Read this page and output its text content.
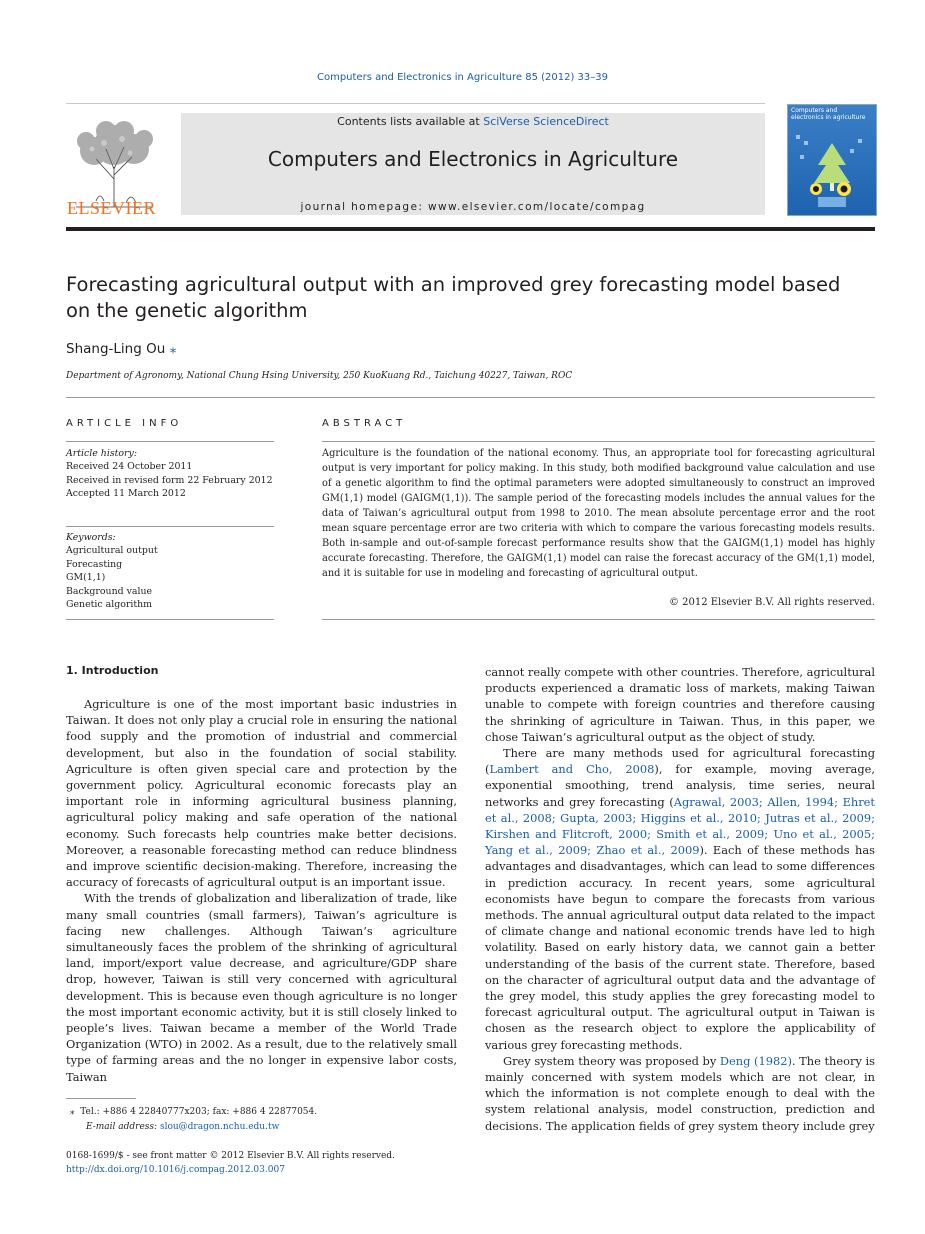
Computers and Electronics in Agriculture 85 (2012) 33–39
ELSEVIER
Contents lists available at SciVerse ScienceDirect
Computers and Electronics in Agriculture
journal homepage: www.elsevier.com/locate/compag
Computers and electronics in agriculture
Forecasting agricultural output with an improved grey forecasting model based on the genetic algorithm
Shang-Ling Ou ⁎
Department of Agronomy, National Chung Hsing University, 250 KuoKuang Rd., Taichung 40227, Taiwan, ROC
ARTICLE INFO
Article history:
Received 24 October 2011
Received in revised form 22 February 2012
Accepted 11 March 2012
Keywords:
Agricultural output
Forecasting
GM(1,1)
Background value
Genetic algorithm
ABSTRACT
Agriculture is the foundation of the national economy. Thus, an appropriate tool for forecasting agricultural output is very important for policy making. In this study, both modified background value calculation and use of a genetic algorithm to find the optimal parameters were adopted simultaneously to construct an improved GM(1,1) model (GAIGM(1,1)). The sample period of the forecasting models includes the annual values for the data of Taiwan’s agricultural output from 1998 to 2010. The mean absolute percentage error and the root mean square percentage error are two criteria with which to compare the various forecasting models results. Both in-sample and out-of-sample forecast performance results show that the GAIGM(1,1) model has highly accurate forecasting. Therefore, the GAIGM(1,1) model can raise the forecast accuracy of the GM(1,1) model, and it is suitable for use in modeling and forecasting of agricultural output.
© 2012 Elsevier B.V. All rights reserved.
1. Introduction

Agriculture is one of the most important basic industries in Taiwan. It does not only play a crucial role in ensuring the national food supply and the promotion of industrial and commercial development, but also in the foundation of social stability. Agriculture is often given special care and protection by the government policy. Agricultural economic forecasts play an important role in informing agricultural business planning, agricultural policy making and safe operation of the national economy. Such forecasts help countries make better decisions. Moreover, a reasonable forecasting method can reduce blindness and improve scientific decision-making. Therefore, increasing the accuracy of forecasts of agricultural output is an important issue.

With the trends of globalization and liberalization of trade, like many small countries (small farmers), Taiwan’s agriculture is facing new challenges. Although Taiwan’s agriculture simultaneously faces the problem of the shrinking of agricultural land, import/export value decrease, and agriculture/GDP share drop, however, Taiwan is still very concerned with agricultural development. This is because even though agriculture is no longer the most important economic activity, but it is still closely linked to people’s lives. Taiwan became a member of the World Trade Organization (WTO) in 2002. As a result, due to the relatively small type of farming areas and the no longer in expensive labor costs, Taiwan

cannot really compete with other countries. Therefore, agricultural products experienced a dramatic loss of markets, making Taiwan unable to compete with foreign countries and therefore causing the shrinking of agriculture in Taiwan. Thus, in this paper, we chose Taiwan’s agricultural output as the object of study.

There are many methods used for agricultural forecasting (Lambert and Cho, 2008), for example, moving average, exponential smoothing, trend analysis, time series, neural networks and grey forecasting (Agrawal, 2003; Allen, 1994; Ehret et al., 2008; Gupta, 2003; Higgins et al., 2010; Jutras et al., 2009; Kirshen and Flitcroft, 2000; Smith et al., 2009; Uno et al., 2005; Yang et al., 2009; Zhao et al., 2009). Each of these methods has advantages and disadvantages, which can lead to some differences in prediction accuracy. In recent years, some agricultural economists have begun to compare the forecasts from various methods. The annual agricultural output data related to the impact of climate change and national economic trends have led to high volatility. Based on early history data, we cannot gain a better understanding of the basis of the current state. Therefore, based on the character of agricultural output data and the advantage of the grey model, this study applies the grey forecasting model to forecast agricultural output. The agricultural output in Taiwan is chosen as the research object to explore the applicability of various grey forecasting methods.

Grey system theory was proposed by Deng (1982). The theory is mainly concerned with system models which are not clear, in which the information is not complete enough to deal with the system relational analysis, model construction, prediction and decisions. The application fields of grey system theory include grey

⁎ Tel.: +886 4 22840777x203; fax: +886 4 22877054.
E-mail address: slou@dragon.nchu.edu.tw
0168-1699/$ - see front matter © 2012 Elsevier B.V. All rights reserved.
http://dx.doi.org/10.1016/j.compag.2012.03.007
